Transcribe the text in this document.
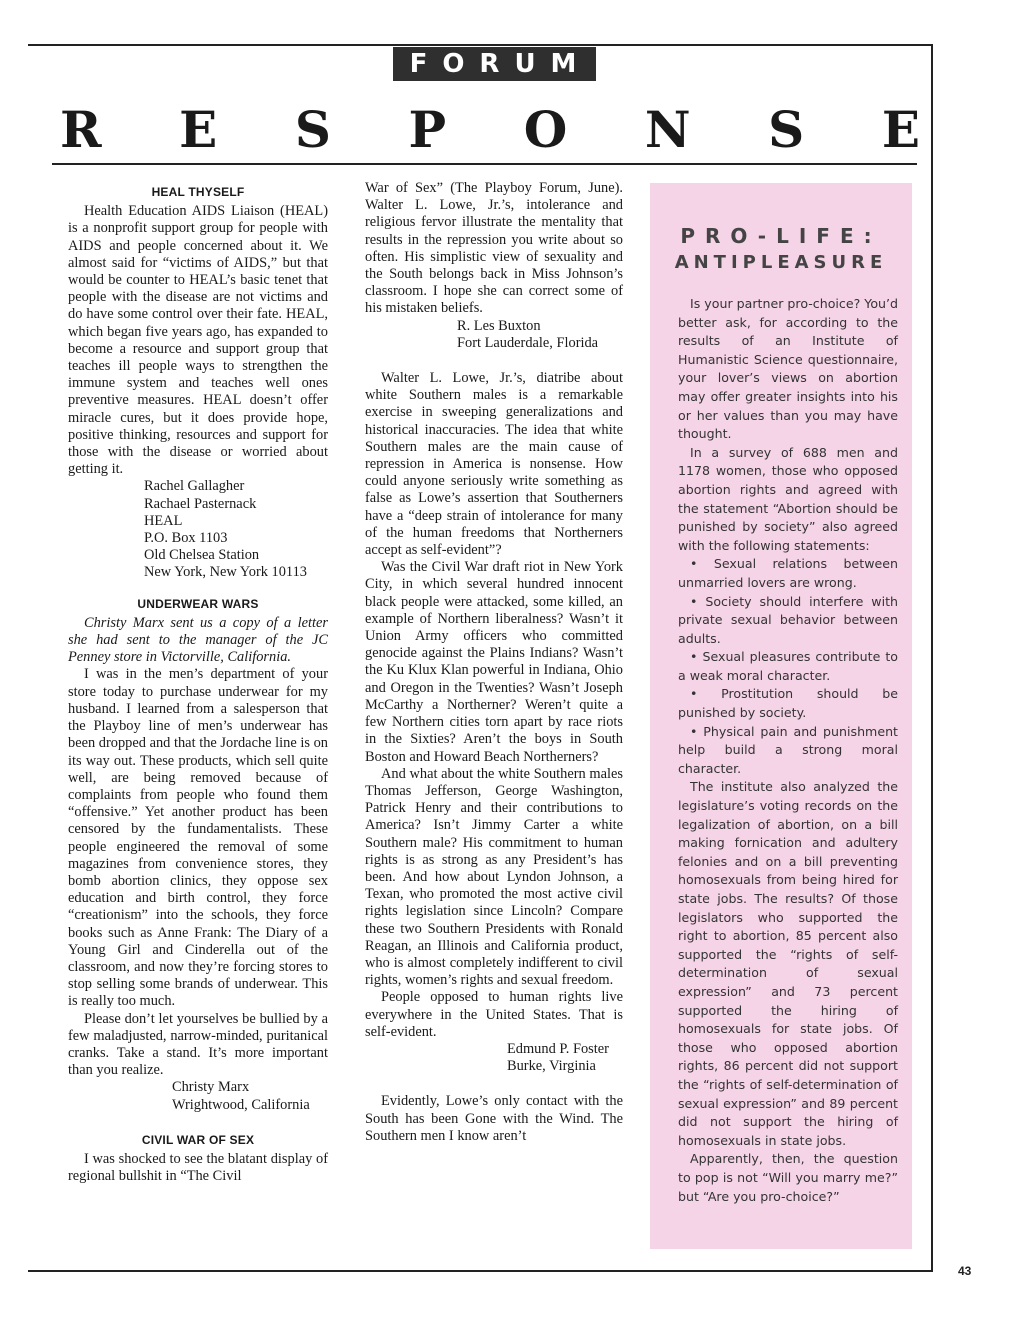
FORUM
R E S P O N S E
HEAL THYSELF

Health Education AIDS Liaison (HEAL) is a nonprofit support group for people with AIDS and people concerned about it. We almost said for “victims of AIDS,” but that would be counter to HEAL’s basic tenet that people with the disease are not victims and do have some control over their fate. HEAL, which began five years ago, has expanded to become a resource and support group that teaches ill people ways to strengthen the immune system and teaches well ones preventive measures. HEAL doesn’t offer miracle cures, but it does provide hope, positive thinking, resources and support for those with the disease or worried about getting it.

Rachel Gallagher
Rachael Pasternack
HEAL
P.O. Box 1103
Old Chelsea Station
New York, New York 10113

UNDERWEAR WARS

Christy Marx sent us a copy of a letter she had sent to the manager of the JC Penney store in Victorville, California.

I was in the men’s department of your store today to purchase underwear for my husband. I learned from a salesperson that the Playboy line of men’s underwear has been dropped and that the Jordache line is on its way out. These products, which sell quite well, are being removed because of complaints from people who found them “offensive.” Yet another product has been censored by the fundamentalists. These people engineered the removal of some magazines from convenience stores, they bomb abortion clinics, they oppose sex education and birth control, they force “creationism” into the schools, they force books such as Anne Frank: The Diary of a Young Girl and Cinderella out of the classroom, and now they’re forcing stores to stop selling some brands of underwear. This is really too much.

Please don’t let yourselves be bullied by a few maladjusted, narrow-minded, puritanical cranks. Take a stand. It’s more important than you realize.

Christy Marx
Wrightwood, California

CIVIL WAR OF SEX

I was shocked to see the blatant display of regional bullshit in “The Civil

War of Sex” (The Playboy Forum, June). Walter L. Lowe, Jr.’s, intolerance and religious fervor illustrate the mentality that results in the repression you write about so often. His simplistic view of sexuality and the South belongs back in Miss Johnson’s classroom. I hope she can correct some of his mistaken beliefs.

R. Les Buxton
Fort Lauderdale, Florida

Walter L. Lowe, Jr.’s, diatribe about white Southern males is a remarkable exercise in sweeping generalizations and historical inaccuracies. The idea that white Southern males are the main cause of repression in America is nonsense. How could anyone seriously write something as false as Lowe’s assertion that Southerners have a “deep strain of intolerance for many of the human freedoms that Northerners accept as self-evident”?

Was the Civil War draft riot in New York City, in which several hundred innocent black people were attacked, some killed, an example of Northern liberalness? Wasn’t it Union Army officers who committed genocide against the Plains Indians? Wasn’t the Ku Klux Klan powerful in Indiana, Ohio and Oregon in the Twenties? Wasn’t Joseph McCarthy a Northerner? Weren’t quite a few Northern cities torn apart by race riots in the Sixties? Aren’t the boys in South Boston and Howard Beach Northerners?

And what about the white Southern males Thomas Jefferson, George Washington, Patrick Henry and their contributions to America? Isn’t Jimmy Carter a white Southern male? His commitment to human rights is as strong as any President’s has been. And how about Lyndon Johnson, a Texan, who promoted the most active civil rights legislation since Lincoln? Compare these two Southern Presidents with Ronald Reagan, an Illinois and California product, who is almost completely indifferent to civil rights, women’s rights and sexual freedom.

People opposed to human rights live everywhere in the United States. That is self-evident.

Edmund P. Foster
Burke, Virginia

Evidently, Lowe’s only contact with the South has been Gone with the Wind. The Southern men I know aren’t

PRO-LIFE:
ANTIPLEASURE

Is your partner pro-choice? You’d better ask, for according to the results of an Institute of Humanistic Science questionnaire, your lover’s views on abortion may offer greater insights into his or her values than you may have thought.

In a survey of 688 men and 1178 women, those who opposed abortion rights and agreed with the statement “Abortion should be punished by society” also agreed with the following statements:

• Sexual relations between unmarried lovers are wrong.

• Society should interfere with private sexual behavior between adults.

• Sexual pleasures contribute to a weak moral character.

• Prostitution should be punished by society.

• Physical pain and punishment help build a strong moral character.

The institute also analyzed the legislature’s voting records on the legalization of abortion, on a bill making fornication and adultery felonies and on a bill preventing homosexuals from being hired for state jobs. The results? Of those legislators who supported the right to abortion, 85 percent also supported the “rights of self-determination of sexual expression” and 73 percent supported the hiring of homosexuals for state jobs. Of those who opposed abortion rights, 86 percent did not support the “rights of self-determination of sexual expression” and 89 percent did not support the hiring of homosexuals in state jobs.

Apparently, then, the question to pop is not “Will you marry me?” but “Are you pro-choice?”

43
